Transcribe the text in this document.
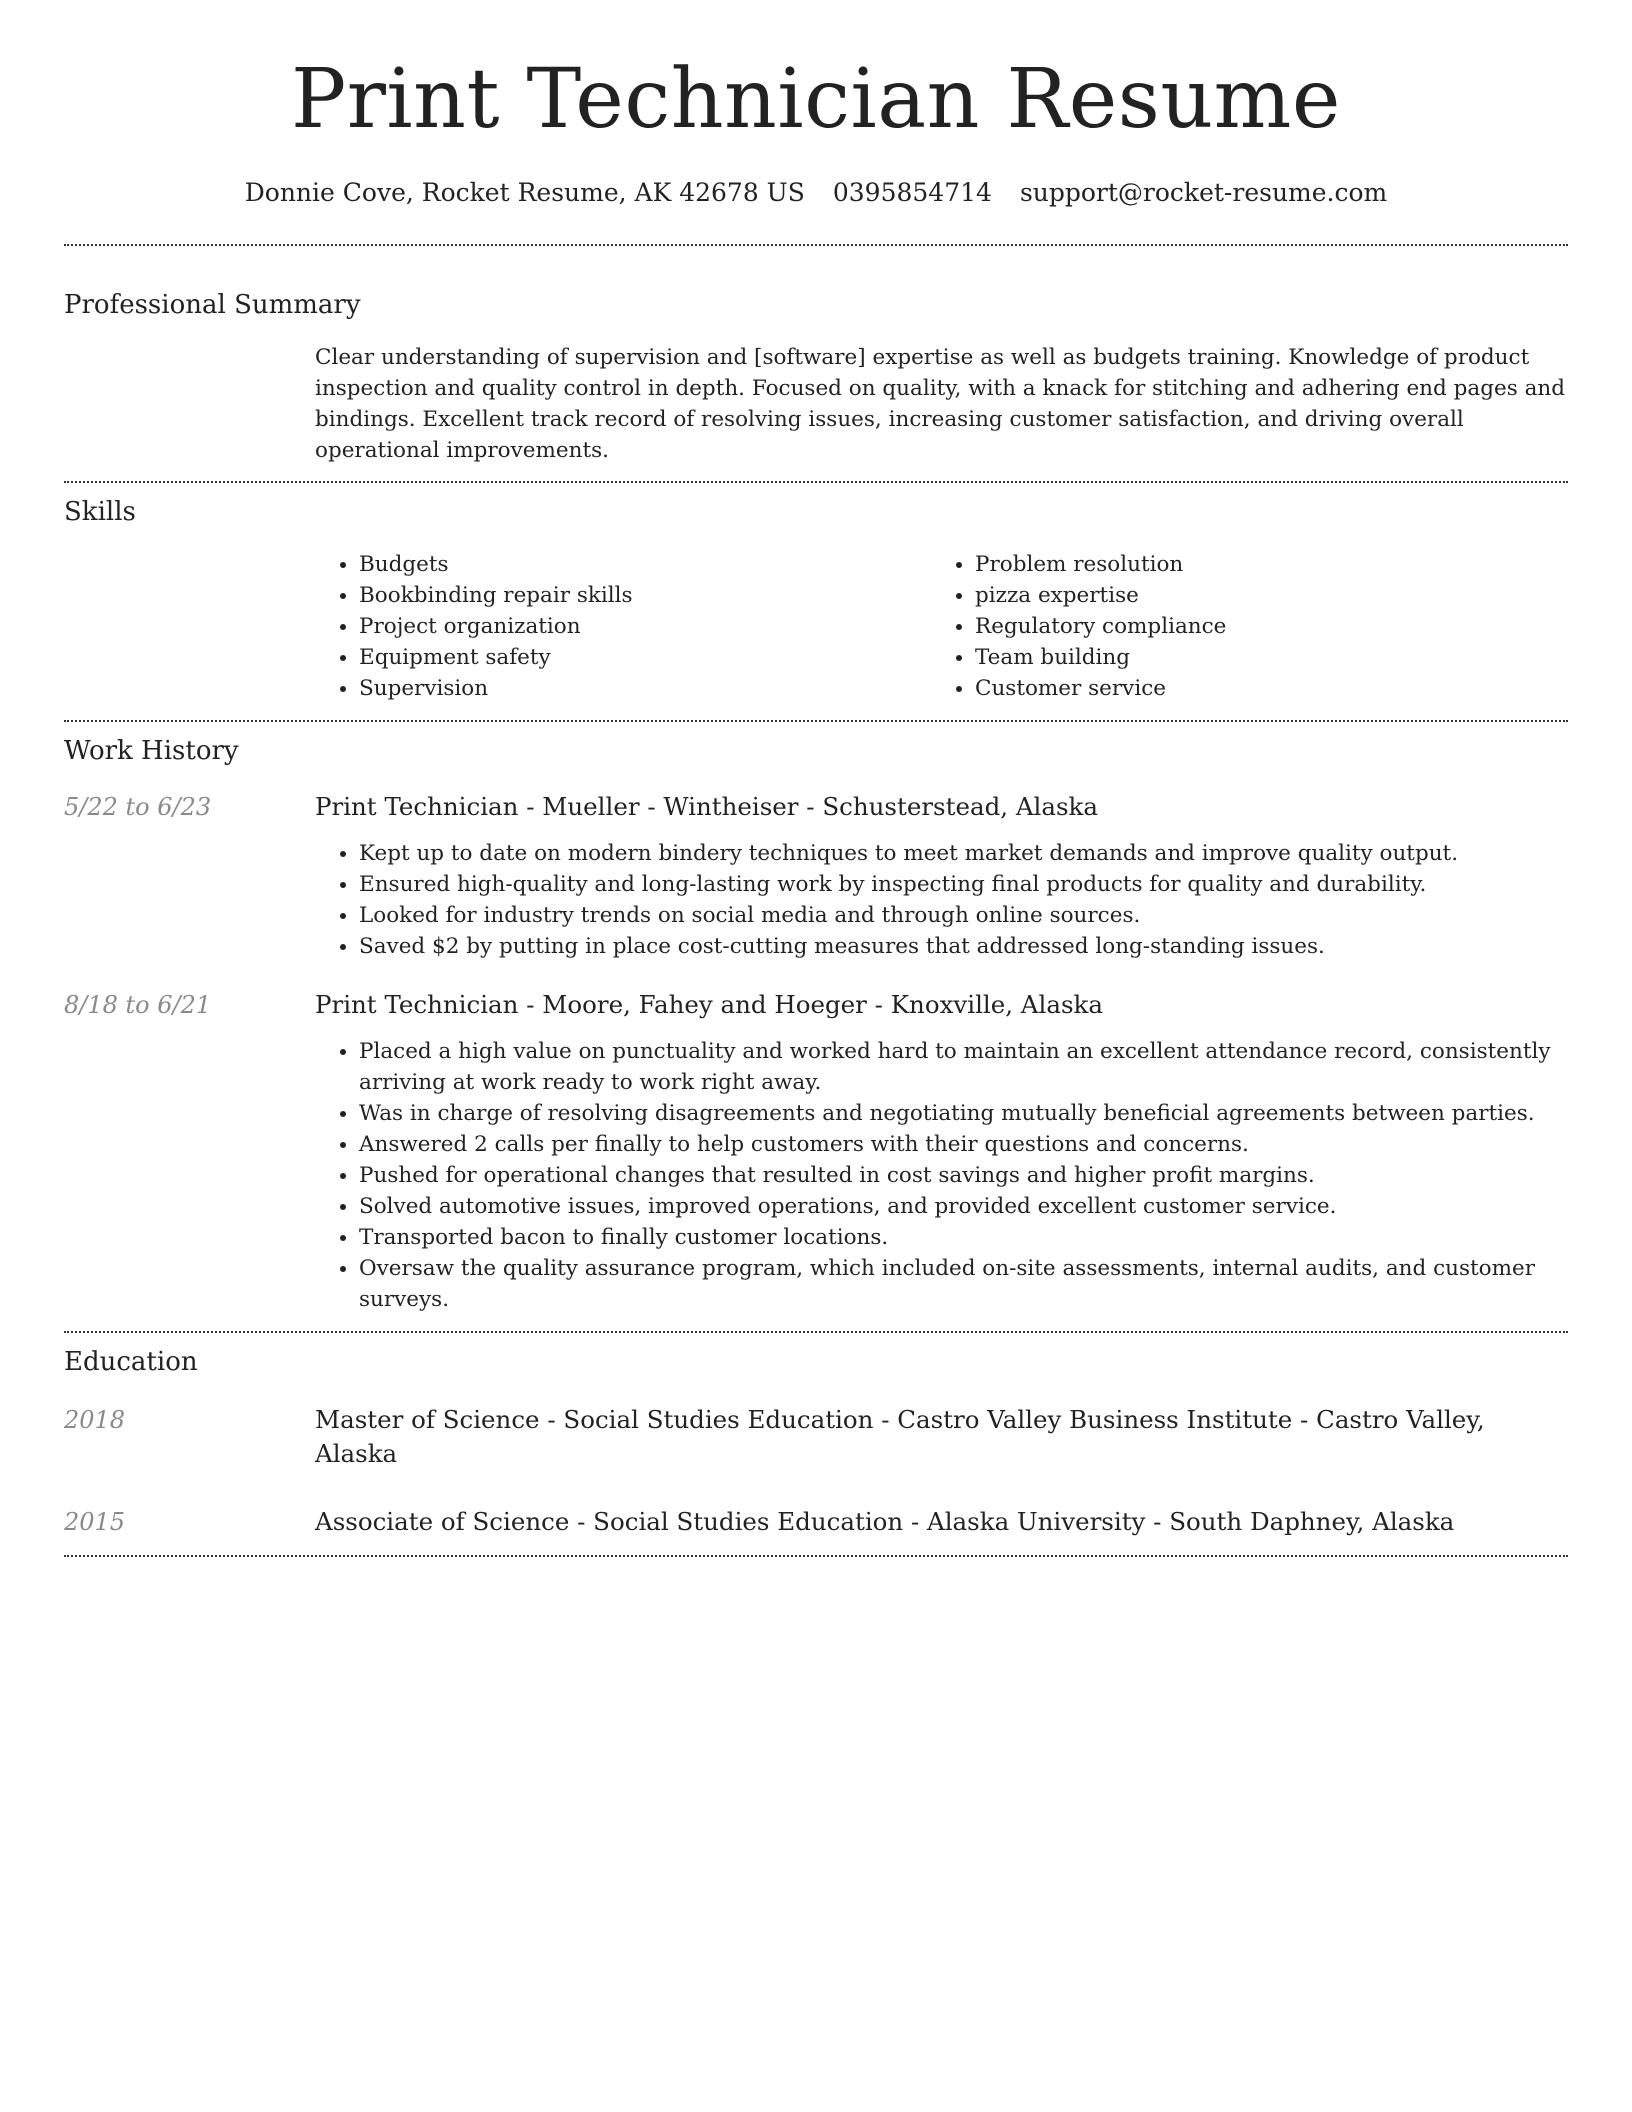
Print Technician Resume
Donnie Cove, Rocket Resume, AK 42678 US 0395854714 support@rocket-resume.com
Professional Summary

Clear understanding of supervision and [software] expertise as well as budgets training. Knowledge of product inspection and quality control in depth. Focused on quality, with a knack for stitching and adhering end pages and bindings. Excellent track record of resolving issues, increasing customer satisfaction, and driving overall operational improvements.

Skills
• Budgets
• Bookbinding repair skills
• Project organization
• Equipment safety
• Supervision
• Problem resolution
• pizza expertise
• Regulatory compliance
• Team building
• Customer service
Work History
5/22 to 6/23	Print Technician - Mueller - Wintheiser - Schusterstead, Alaska
• Kept up to date on modern bindery techniques to meet market demands and improve quality output.
• Ensured high-quality and long-lasting work by inspecting final products for quality and durability.
• Looked for industry trends on social media and through online sources.
• Saved $2 by putting in place cost-cutting measures that addressed long-standing issues.
8/18 to 6/21	Print Technician - Moore, Fahey and Hoeger - Knoxville, Alaska
• Placed a high value on punctuality and worked hard to maintain an excellent attendance record, consistently arriving at work ready to work right away.
• Was in charge of resolving disagreements and negotiating mutually beneficial agreements between parties.
• Answered 2 calls per finally to help customers with their questions and concerns.
• Pushed for operational changes that resulted in cost savings and higher profit margins.
• Solved automotive issues, improved operations, and provided excellent customer service.
• Transported bacon to finally customer locations.
• Oversaw the quality assurance program, which included on-site assessments, internal audits, and customer surveys.
Education
2018	Master of Science - Social Studies Education - Castro Valley Business Institute - Castro Valley, Alaska
2015	Associate of Science - Social Studies Education - Alaska University - South Daphney, Alaska
